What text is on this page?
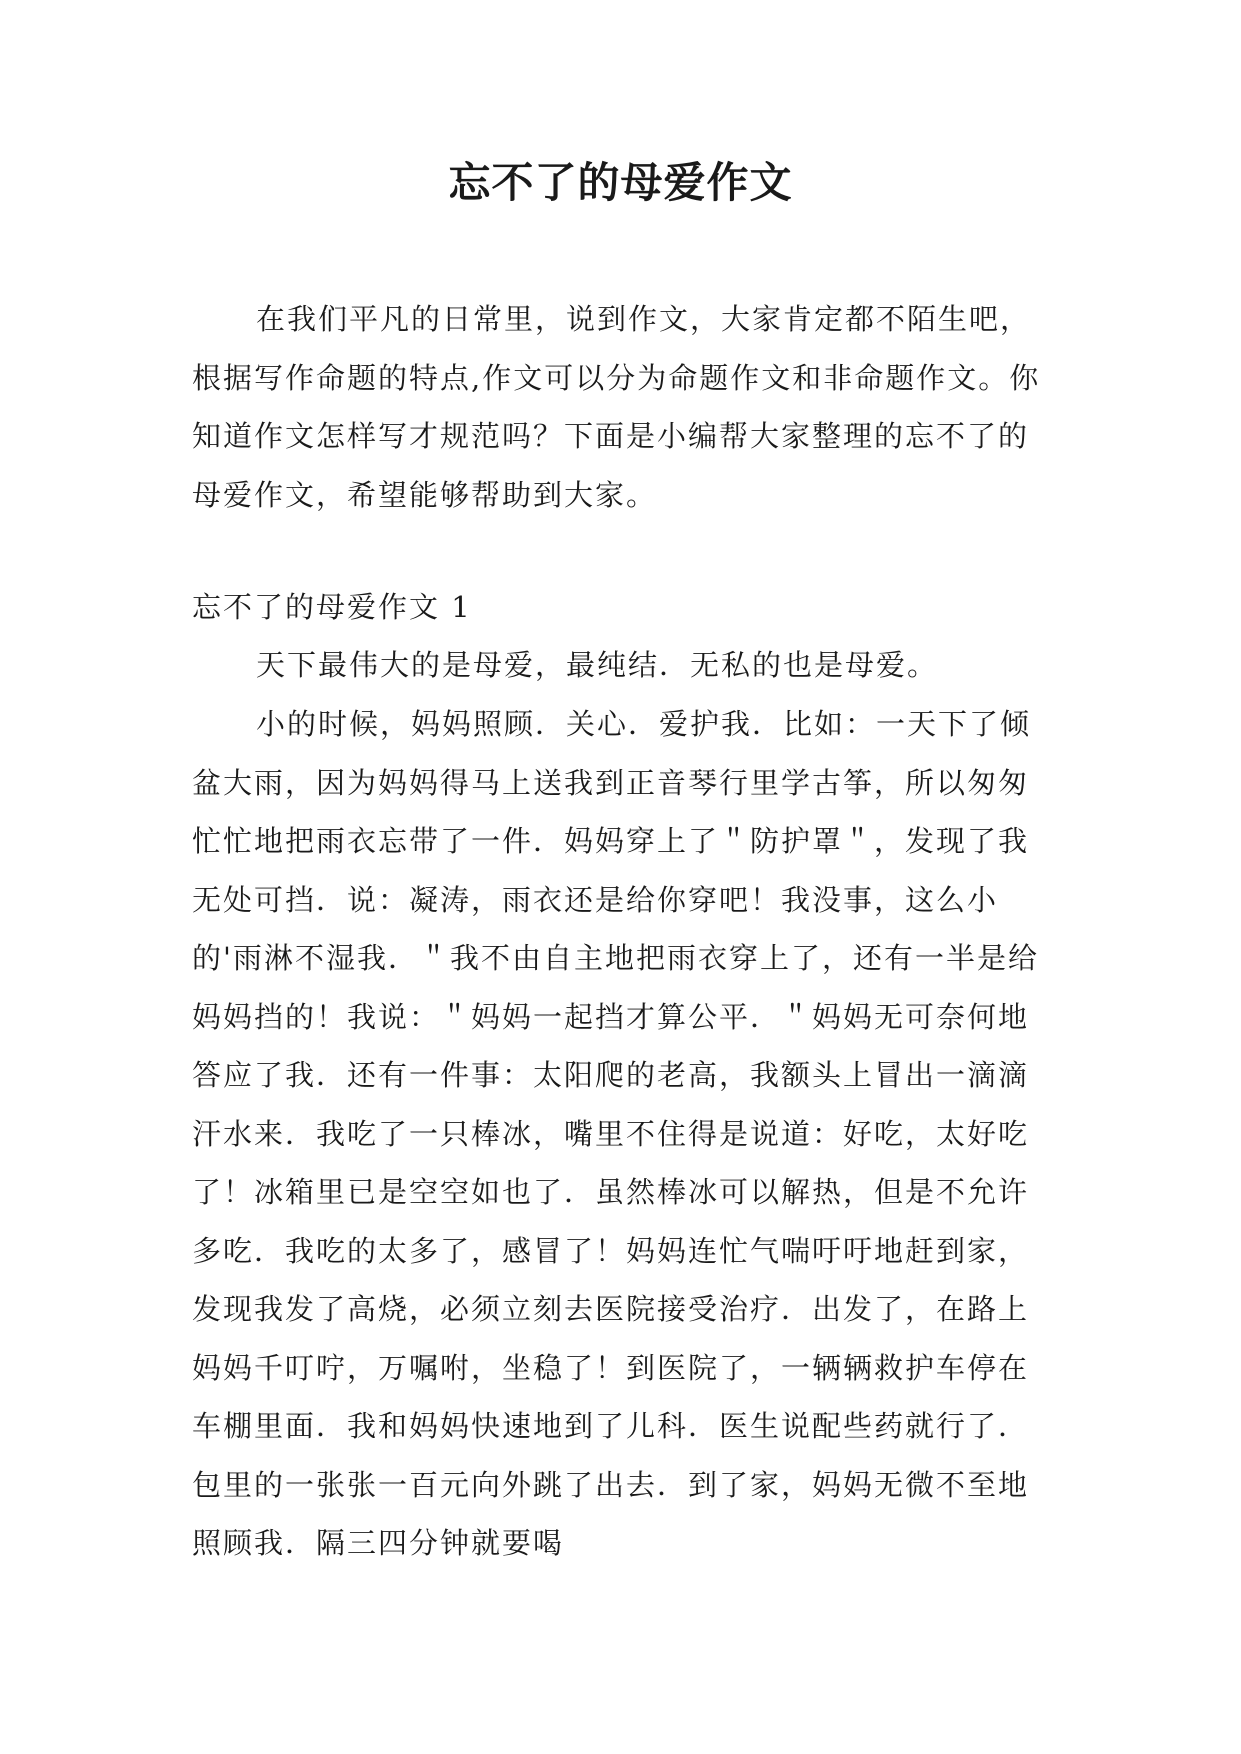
忘不了的母爱作文

在我们平凡的日常里，说到作文，大家肯定都不陌生吧，根据写作命题的特点,作文可以分为命题作文和非命题作文。你知道作文怎样写才规范吗？下面是小编帮大家整理的忘不了的母爱作文，希望能够帮助到大家。

忘不了的母爱作文 1

天下最伟大的是母爱，最纯结．无私的也是母爱。

小的时候，妈妈照顾．关心．爱护我．比如：一天下了倾盆大雨，因为妈妈得马上送我到正音琴行里学古筝，所以匆匆忙忙地把雨衣忘带了一件．妈妈穿上了＂防护罩＂，发现了我无处可挡．说：凝涛，雨衣还是给你穿吧！我没事，这么小的'雨淋不湿我．＂我不由自主地把雨衣穿上了，还有一半是给妈妈挡的！我说：＂妈妈一起挡才算公平．＂妈妈无可奈何地答应了我．还有一件事：太阳爬的老高，我额头上冒出一滴滴汗水来．我吃了一只棒冰，嘴里不住得是说道：好吃，太好吃了！冰箱里已是空空如也了．虽然棒冰可以解热，但是不允许多吃．我吃的太多了，感冒了！妈妈连忙气喘吁吁地赶到家，发现我发了高烧，必须立刻去医院接受治疗．出发了，在路上妈妈千叮咛，万嘱咐，坐稳了！到医院了，一辆辆救护车停在车棚里面．我和妈妈快速地到了儿科．医生说配些药就行了．包里的一张张一百元向外跳了出去．到了家，妈妈无微不至地照顾我．隔三四分钟就要喝
